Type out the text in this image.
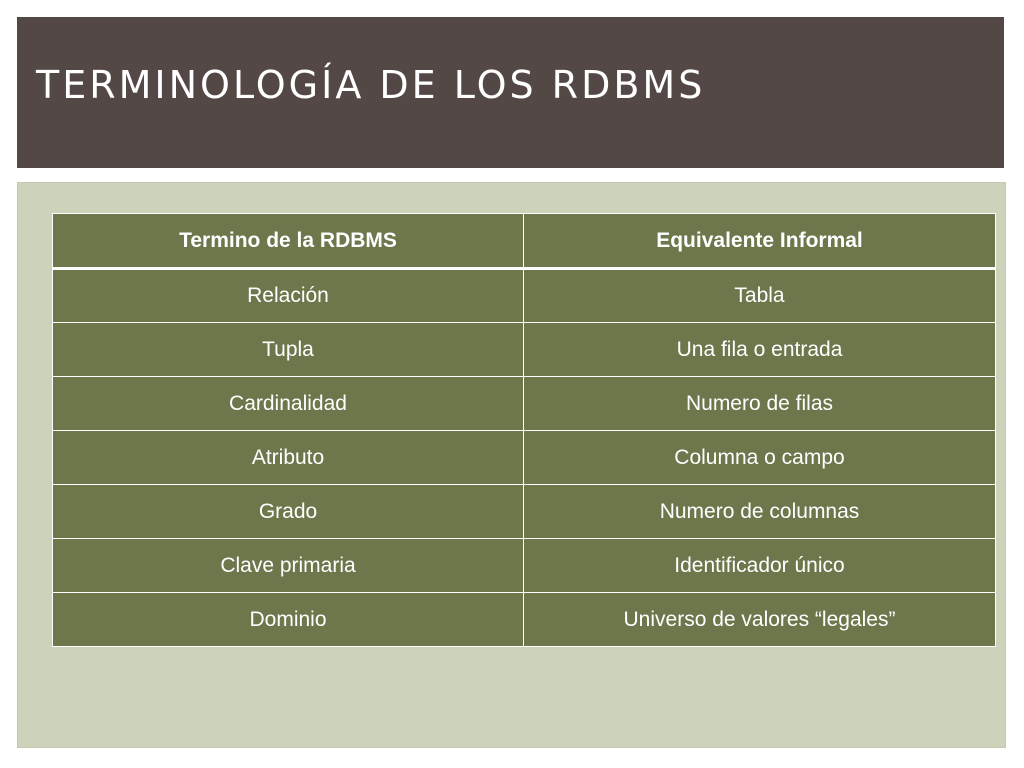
TERMINOLOGÍA DE LOS RDBMS
Termino de la RDBMS	Equivalente Informal
Relación	Tabla
Tupla	Una fila o entrada
Cardinalidad	Numero de filas
Atributo	Columna o campo
Grado	Numero de columnas
Clave primaria	Identificador único
Dominio	Universo de valores “legales”
